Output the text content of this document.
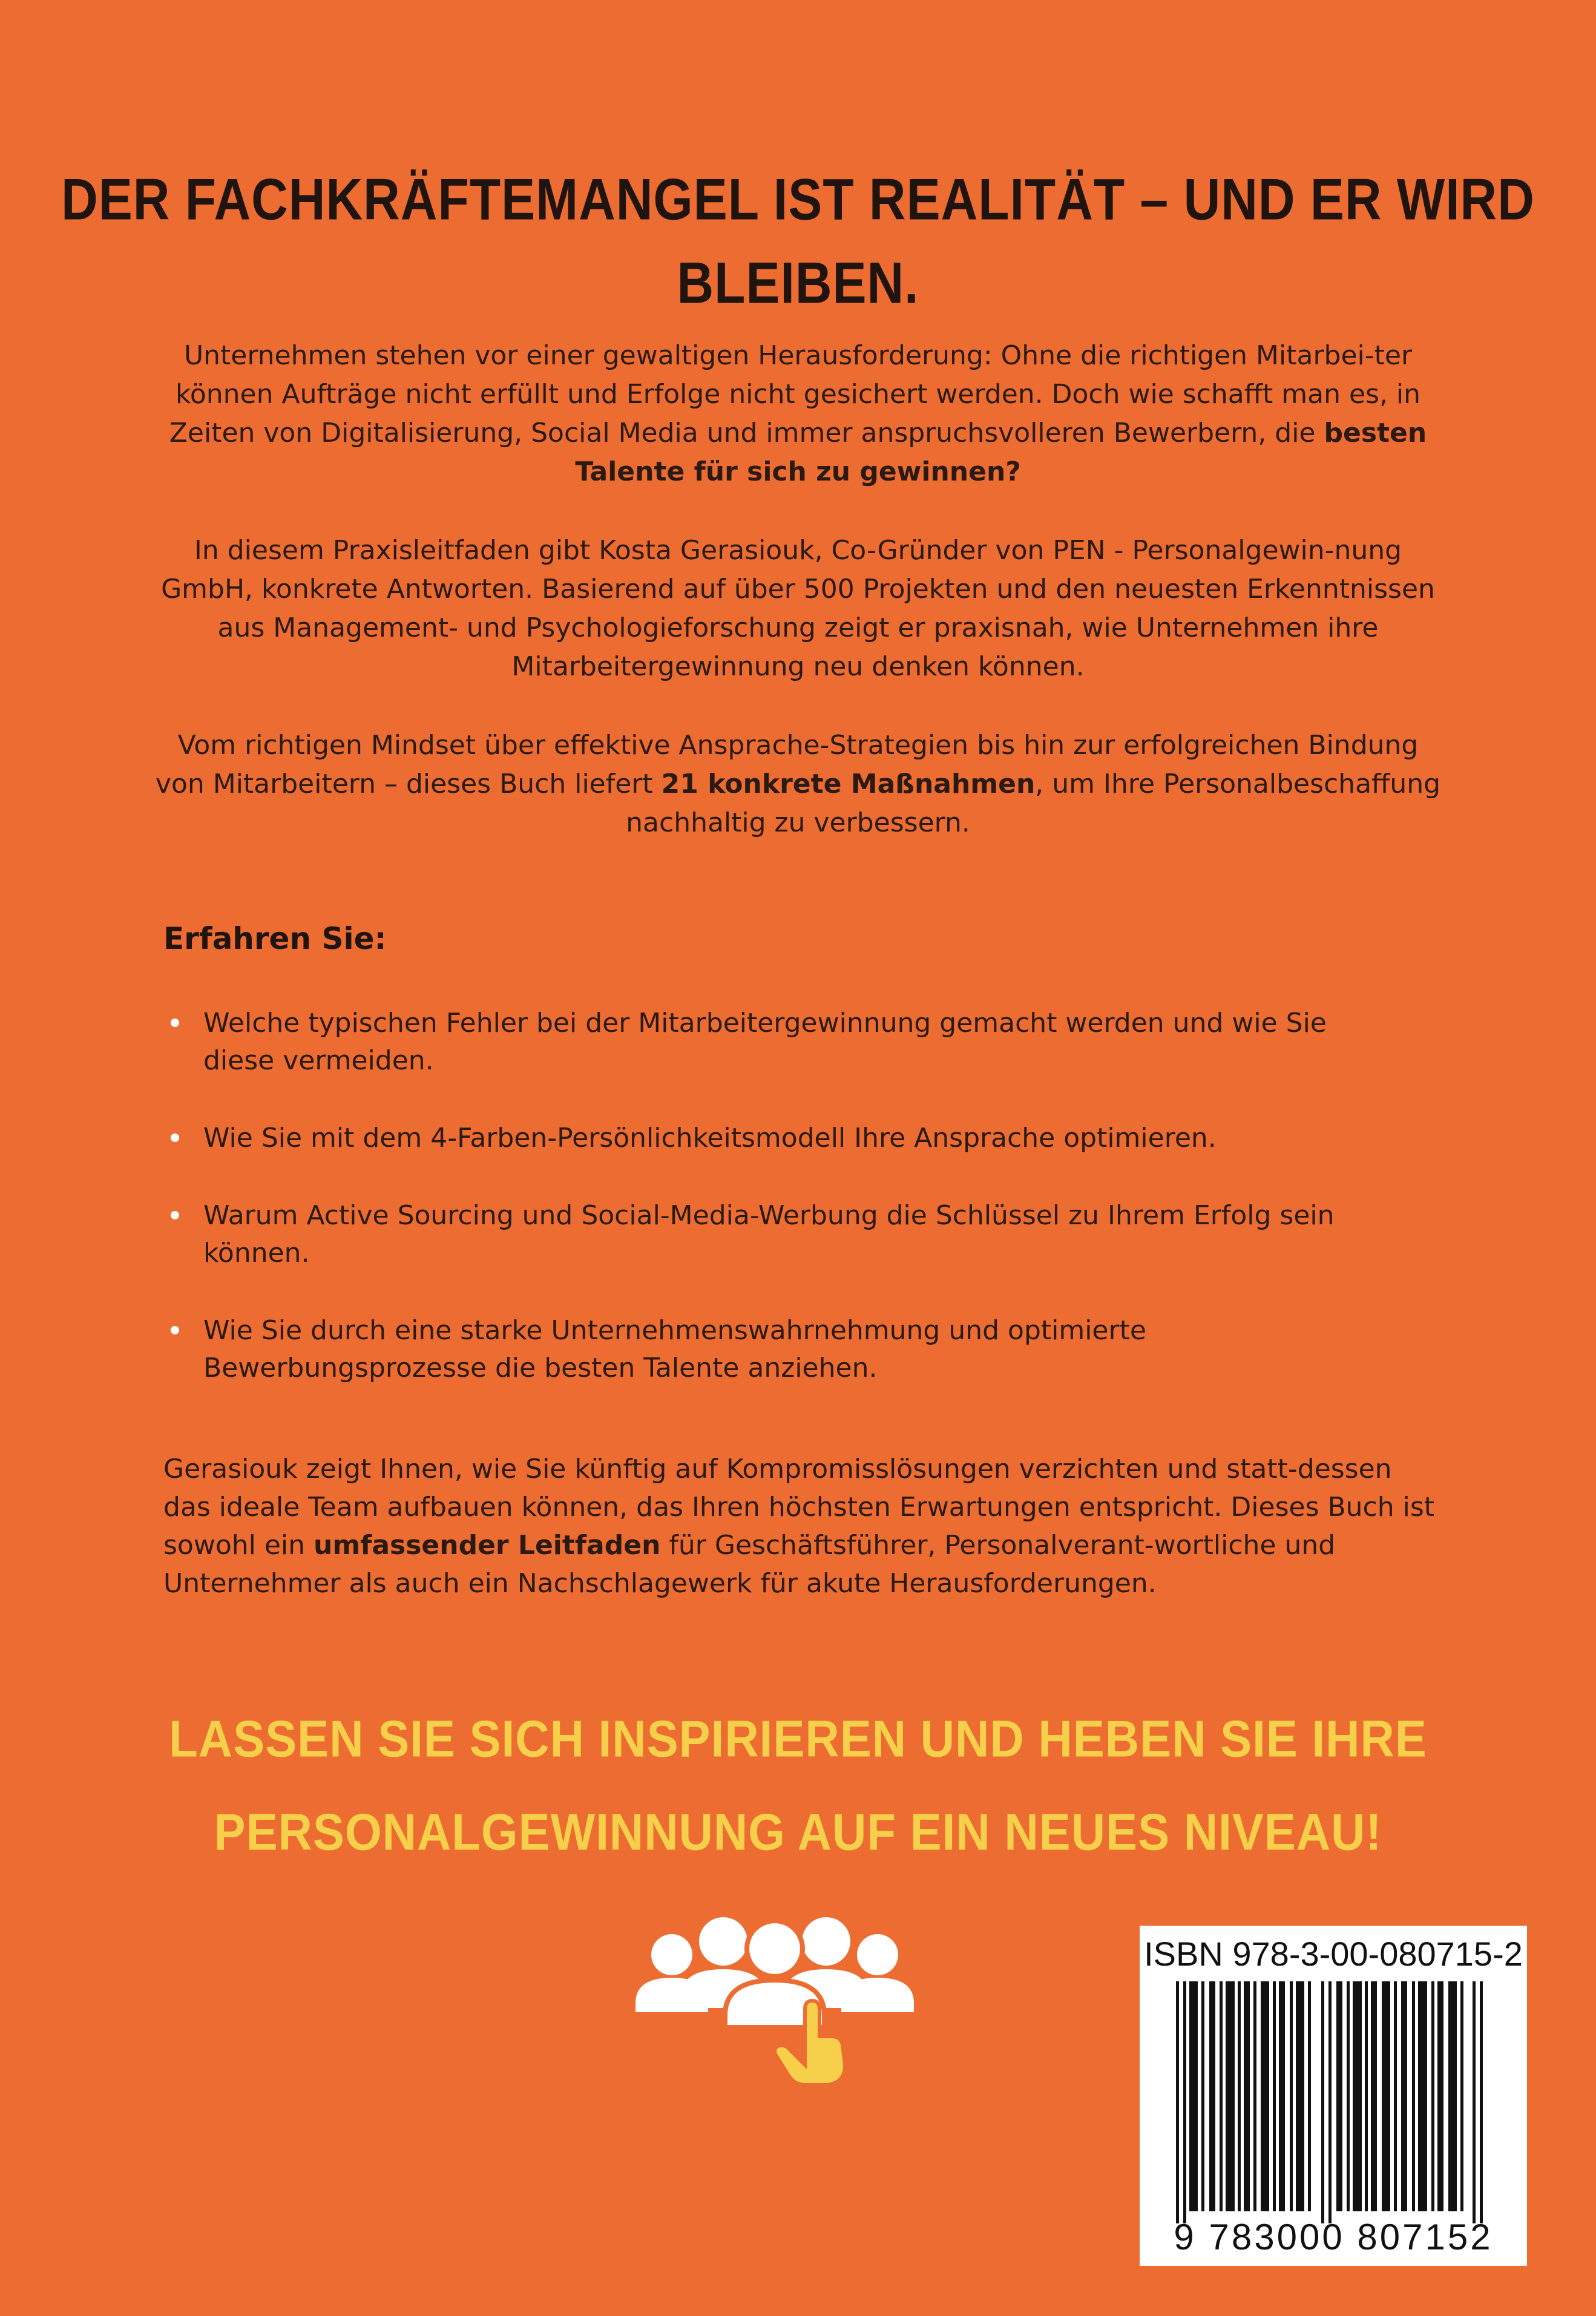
DER FACHKRÄFTEMANGEL IST REALITÄT – UND ER WIRD BLEIBEN.

Unternehmen stehen vor einer gewaltigen Herausforderung: Ohne die richtigen Mitarbei-ter können Aufträge nicht erfüllt und Erfolge nicht gesichert werden. Doch wie schafft man es, in Zeiten von Digitalisierung, Social Media und immer anspruchsvolleren Bewerbern, die besten Talente für sich zu gewinnen?

In diesem Praxisleitfaden gibt Kosta Gerasiouk, Co-Gründer von PEN - Personalgewin-nung GmbH, konkrete Antworten. Basierend auf über 500 Projekten und den neuesten Erkenntnissen aus Management- und Psychologieforschung zeigt er praxisnah, wie Unternehmen ihre Mitarbeitergewinnung neu denken können.

Vom richtigen Mindset über effektive Ansprache-Strategien bis hin zur erfolgreichen Bindung von Mitarbeitern – dieses Buch liefert 21 konkrete Maßnahmen, um Ihre Personalbeschaffung nachhaltig zu verbessern.

Erfahren Sie:
Welche typischen Fehler bei der Mitarbeitergewinnung gemacht werden und wie Sie diese vermeiden.
Wie Sie mit dem 4-Farben-Persönlichkeitsmodell Ihre Ansprache optimieren.
Warum Active Sourcing und Social-Media-Werbung die Schlüssel zu Ihrem Erfolg sein können.
Wie Sie durch eine starke Unternehmenswahrnehmung und optimierte Bewerbungsprozesse die besten Talente anziehen.
Gerasiouk zeigt Ihnen, wie Sie künftig auf Kompromisslösungen verzichten und statt-dessen das ideale Team aufbauen können, das Ihren höchsten Erwartungen entspricht. Dieses Buch ist sowohl ein umfassender Leitfaden für Geschäftsführer, Personalverant-wortliche und Unternehmer als auch ein Nachschlagewerk für akute Herausforderungen.
LASSEN SIE SICH INSPIRIEREN UND HEBEN SIE IHRE
PERSONALGEWINNUNG AUF EIN NEUES NIVEAU!
ISBN 978-3-00-080715-2
9 783000 807152
